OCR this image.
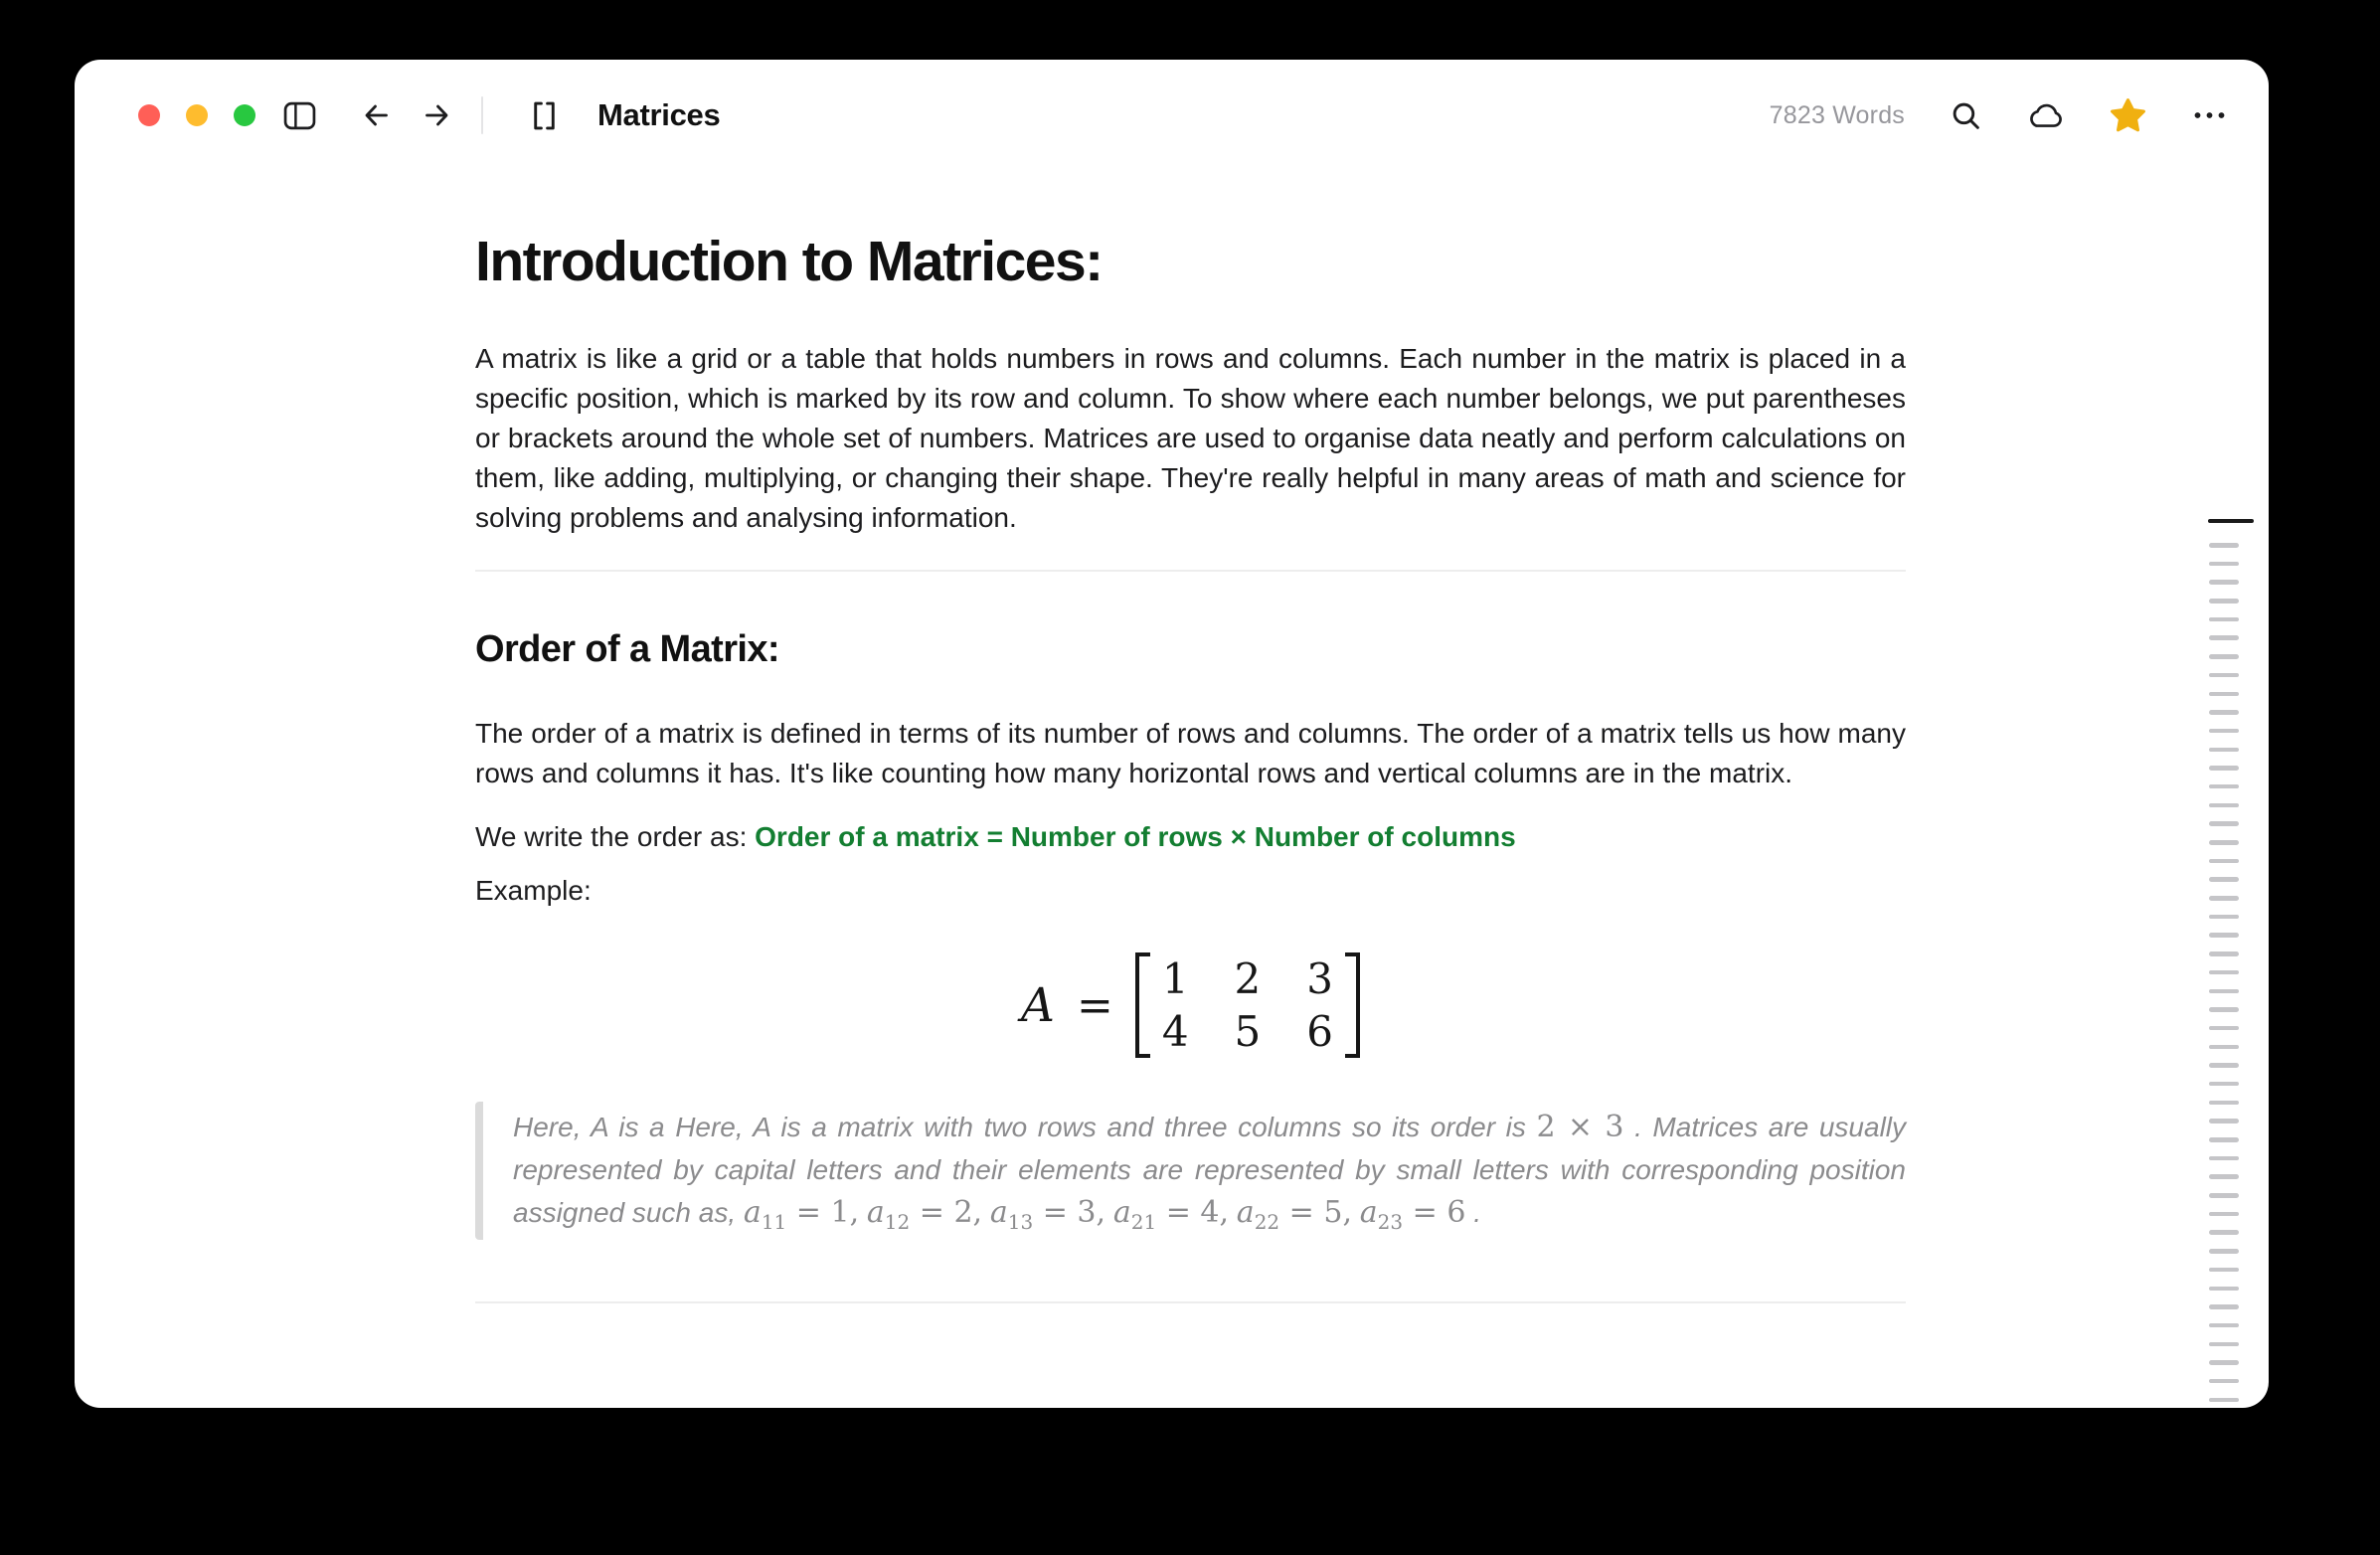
Matrices	7823 Words
Introduction to Matrices:

A matrix is like a grid or a table that holds numbers in rows and columns. Each number in the matrix is placed in a specific position, which is marked by its row and column. To show where each number belongs, we put parentheses or brackets around the whole set of numbers. Matrices are used to organise data neatly and perform calculations on them, like adding, multiplying, or changing their shape. They're really helpful in many areas of math and science for solving problems and analysing information.

Order of a Matrix:

The order of a matrix is defined in terms of its number of rows and columns. The order of a matrix tells us how many rows and columns it has. It's like counting how many horizontal rows and vertical columns are in the matrix.

We write the order as: Order of a matrix = Number of rows × Number of columns

Example:

A =
1 2 3
4 5 6
Here, A is a Here, A is a matrix with two rows and three columns so its order is 2 × 3 . Matrices are usually represented by capital letters and their elements are represented by small letters with corresponding position assigned such as, $a_{11} = 1$, $a_{12} = 2$, $a_{13} = 3$, $a_{21} = 4$, $a_{22} = 5$, $a_{23} = 6$ .
